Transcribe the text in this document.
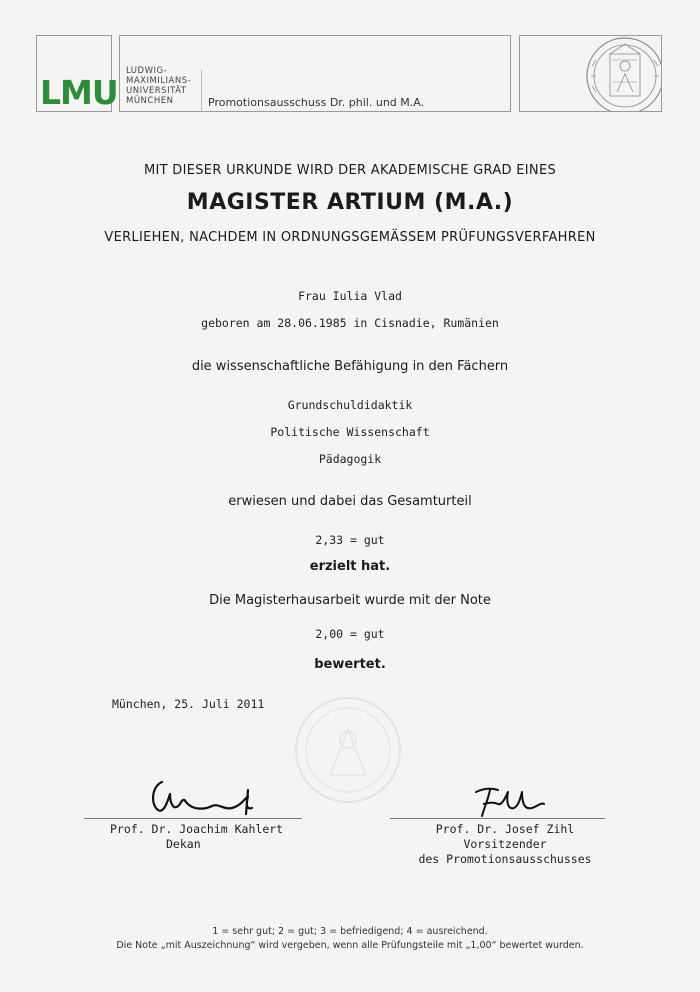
LMU
LUDWIG-
MAXIMILIANS-
UNIVERSITÄT
MÜNCHEN	Promotionsausschuss Dr. phil. und M.A.
MIT DIESER URKUNDE WIRD DER AKADEMISCHE GRAD EINES
MAGISTER ARTIUM (M.A.)
VERLIEHEN, NACHDEM IN ORDNUNGSGEMÄSSEM PRÜFUNGSVERFAHREN
Frau Iulia Vlad
geboren am 28.06.1985 in Cisnadie, Rumänien
die wissenschaftliche Befähigung in den Fächern
Grundschuldidaktik
Politische Wissenschaft
Pädagogik
erwiesen und dabei das Gesamturteil
2,33 = gut
erzielt hat.
Die Magisterhausarbeit wurde mit der Note
2,00 = gut
bewertet.
München, 25. Juli 2011
Prof. Dr. Joachim Kahlert
Dekan
Prof. Dr. Josef Zihl
Vorsitzender
des Promotionsausschusses
1 = sehr gut; 2 = gut; 3 = befriedigend; 4 = ausreichend.
Die Note „mit Auszeichnung“ wird vergeben, wenn alle Prüfungsteile mit „1,00“ bewertet wurden.
